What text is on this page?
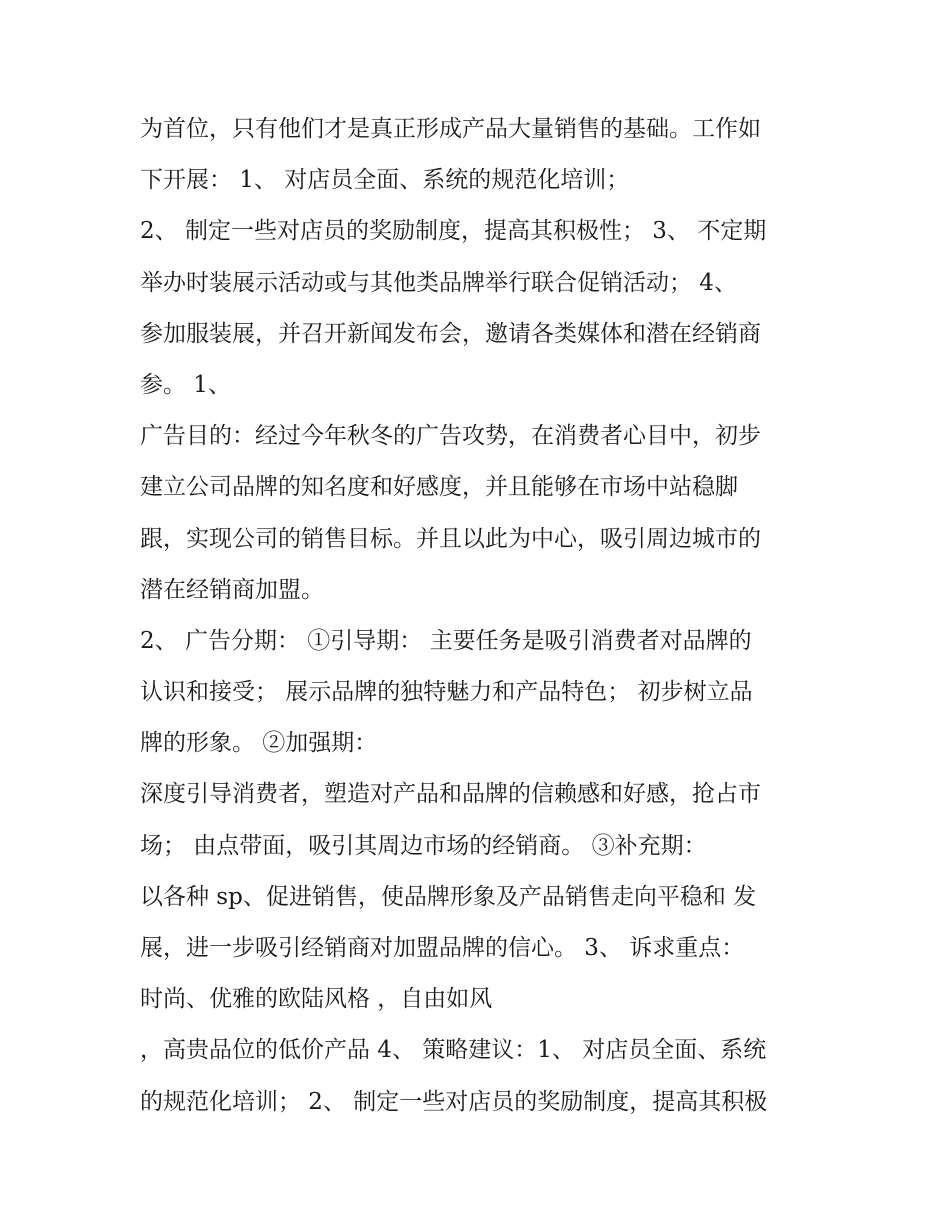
为首位，只有他们才是真正形成产品大量销售的基础。工作如
下开展： 1、 对店员全面、系统的规范化培训；
2、 制定一些对店员的奖励制度，提高其积极性； 3、 不定期
举办时装展示活动或与其他类品牌举行联合促销活动； 4、
参加服装展，并召开新闻发布会，邀请各类媒体和潜在经销商
参。 1、
广告目的：经过今年秋冬的广告攻势，在消费者心目中，初步
建立公司品牌的知名度和好感度，并且能够在市场中站稳脚
跟，实现公司的销售目标。并且以此为中心，吸引周边城市的
潜在经销商加盟。
2、 广告分期： ①引导期： 主要任务是吸引消费者对品牌的
认识和接受； 展示品牌的独特魅力和产品特色； 初步树立品
牌的形象。 ②加强期：
深度引导消费者，塑造对产品和品牌的信赖感和好感，抢占市
场； 由点带面，吸引其周边市场的经销商。 ③补充期：
以各种 sp、促进销售，使品牌形象及产品销售走向平稳和 发
展，进一步吸引经销商对加盟品牌的信心。 3、 诉求重点：
时尚、优雅的欧陆风格 ，自由如风
，高贵品位的低价产品 4、 策略建议：1、 对店员全面、系统
的规范化培训； 2、 制定一些对店员的奖励制度，提高其积极
